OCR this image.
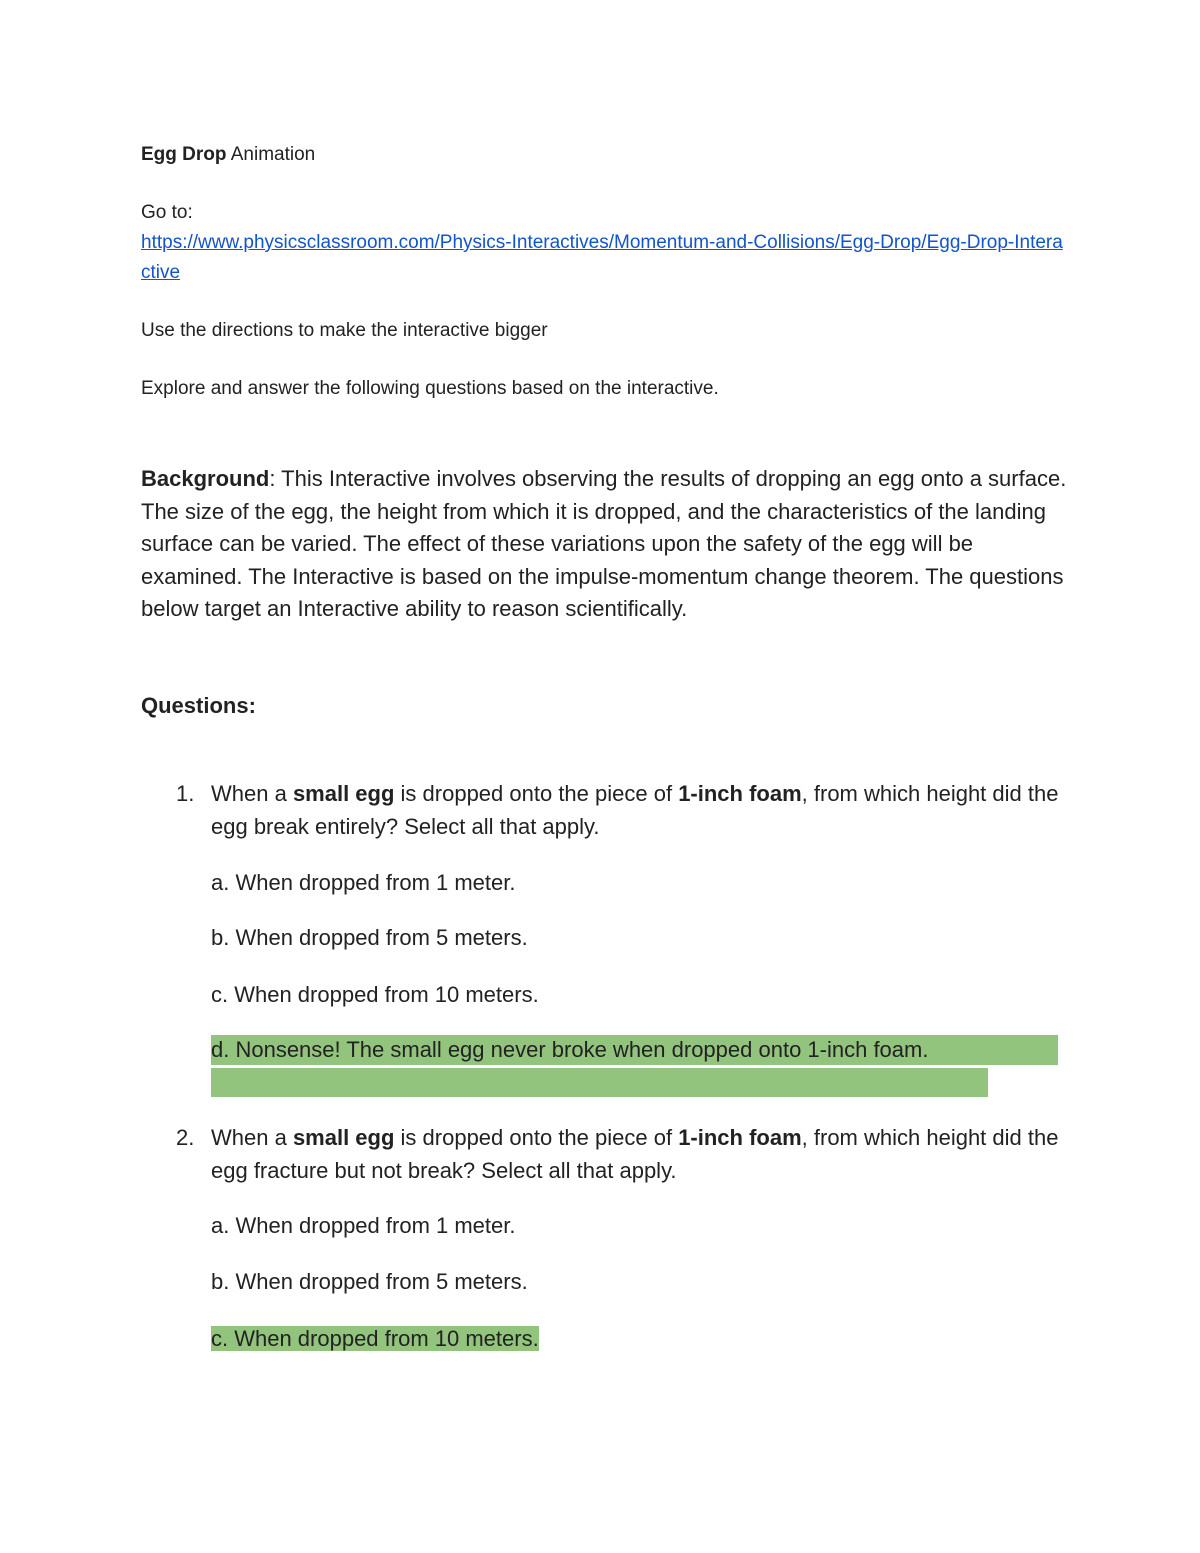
Egg Drop Animation
Go to:
https://www.physicsclassroom.com/Physics-Interactives/Momentum-and-Collisions/Egg-Drop/Egg-Drop-Interactive
Use the directions to make the interactive bigger
Explore and answer the following questions based on the interactive.
Background: This Interactive involves observing the results of dropping an egg onto a surface. The size of the egg, the height from which it is dropped, and the characteristics of the landing surface can be varied. The effect of these variations upon the safety of the egg will be examined. The Interactive is based on the impulse-momentum change theorem. The questions below target an Interactive ability to reason scientifically.
Questions:
1. When a small egg is dropped onto the piece of 1-inch foam, from which height did the egg break entirely? Select all that apply.
a. When dropped from 1 meter.
b. When dropped from 5 meters.
c. When dropped from 10 meters.
d. Nonsense! The small egg never broke when dropped onto 1-inch foam.
2. When a small egg is dropped onto the piece of 1-inch foam, from which height did the egg fracture but not break? Select all that apply.
a. When dropped from 1 meter.
b. When dropped from 5 meters.
c. When dropped from 10 meters.
